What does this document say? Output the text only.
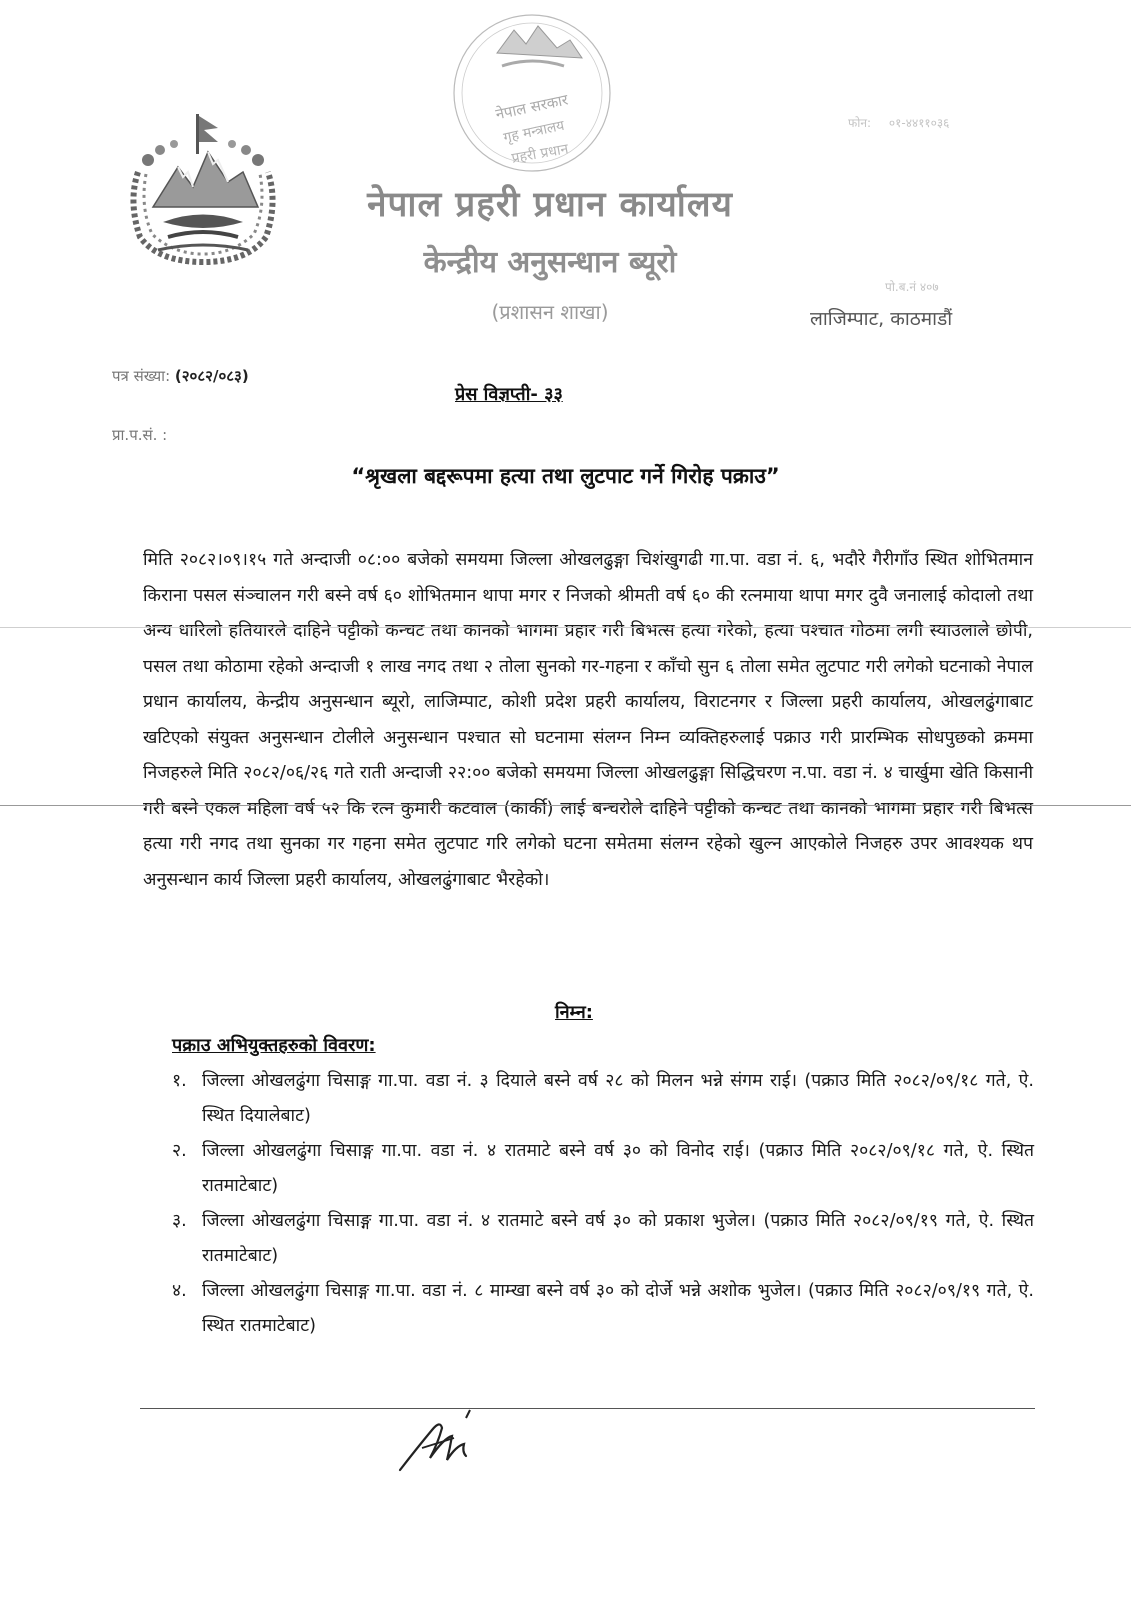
नेपाल सरकार
गृह मन्त्रालय
प्रहरी प्रधान
नेपाल प्रहरी प्रधान कार्यालय
केन्द्रीय अनुसन्धान ब्यूरो
(प्रशासन शाखा)
फोन: ०१-४४११०३६
पो.ब.नं ४०७
लाजिम्पाट, काठमाडौं
पत्र संख्या: (२०८२/०८३)
प्रेस विज्ञप्ती- ३३
प्रा.प.सं. :
“श्रृखला बद्दरूपमा हत्या तथा लुटपाट गर्ने गिरोह पक्राउ”
मिति २०८२।०९।१५ गते अन्दाजी ०८:०० बजेको समयमा जिल्ला ओखलढुङ्गा चिशंखुगढी गा.पा. वडा नं. ६, भदौरे गैरीगाँउ स्थित शोभितमान किराना पसल संञ्चालन गरी बस्ने वर्ष ६० शोभितमान थापा मगर र निजको श्रीमती वर्ष ६० की रत्नमाया थापा मगर दुवै जनालाई कोदालो तथा अन्य धारिलो हतियारले दाहिने पट्टीको कन्चट तथा कानको भागमा प्रहार गरी बिभत्स हत्या गरेको, हत्या पश्चात गोठमा लगी स्याउलाले छोपी, पसल तथा कोठामा रहेको अन्दाजी १ लाख नगद तथा २ तोला सुनको गर-गहना र काँचो सुन ६ तोला समेत लुटपाट गरी लगेको घटनाको नेपाल प्रधान कार्यालय, केन्द्रीय अनुसन्धान ब्यूरो, लाजिम्पाट, कोशी प्रदेश प्रहरी कार्यालय, विराटनगर र जिल्ला प्रहरी कार्यालय, ओखलढुंगाबाट खटिएको संयुक्त अनुसन्धान टोलीले अनुसन्धान पश्चात सो घटनामा संलग्न निम्न व्यक्तिहरुलाई पक्राउ गरी प्रारम्भिक सोधपुछको क्रममा निजहरुले मिति २०८२/०६/२६ गते राती अन्दाजी २२:०० बजेको समयमा जिल्ला ओखलढुङ्गा सिद्धिचरण न.पा. वडा नं. ४ चार्खुमा खेति किसानी गरी बस्ने एकल महिला वर्ष ५२ कि रत्न कुमारी कटवाल (कार्की) लाई बन्चरोले दाहिने पट्टीको कन्चट तथा कानको भागमा प्रहार गरी बिभत्स हत्या गरी नगद तथा सुनका गर गहना समेत लुटपाट गरि लगेको घटना समेतमा संलग्न रहेको खुल्न आएकोले निजहरु उपर आवश्यक थप अनुसन्धान कार्य जिल्ला प्रहरी कार्यालय, ओखलढुंगाबाट भैरहेको।
निम्न:
पक्राउ अभियुक्तहरुको विवरण:
१. जिल्ला ओखलढुंगा चिसाङ्ग गा.पा. वडा नं. ३ दियाले बस्ने वर्ष २८ को मिलन भन्ने संगम राई। (पक्राउ मिति २०८२/०९/१८ गते, ऐ. स्थित दियालेबाट)
२. जिल्ला ओखलढुंगा चिसाङ्ग गा.पा. वडा नं. ४ रातमाटे बस्ने वर्ष ३० को विनोद राई। (पक्राउ मिति २०८२/०९/१८ गते, ऐ. स्थित रातमाटेबाट)
३. जिल्ला ओखलढुंगा चिसाङ्ग गा.पा. वडा नं. ४ रातमाटे बस्ने वर्ष ३० को प्रकाश भुजेल। (पक्राउ मिति २०८२/०९/१९ गते, ऐ. स्थित रातमाटेबाट)
४. जिल्ला ओखलढुंगा चिसाङ्ग गा.पा. वडा नं. ८ माम्खा बस्ने वर्ष ३० को दोर्जे भन्ने अशोक भुजेल। (पक्राउ मिति २०८२/०९/१९ गते, ऐ. स्थित रातमाटेबाट)
